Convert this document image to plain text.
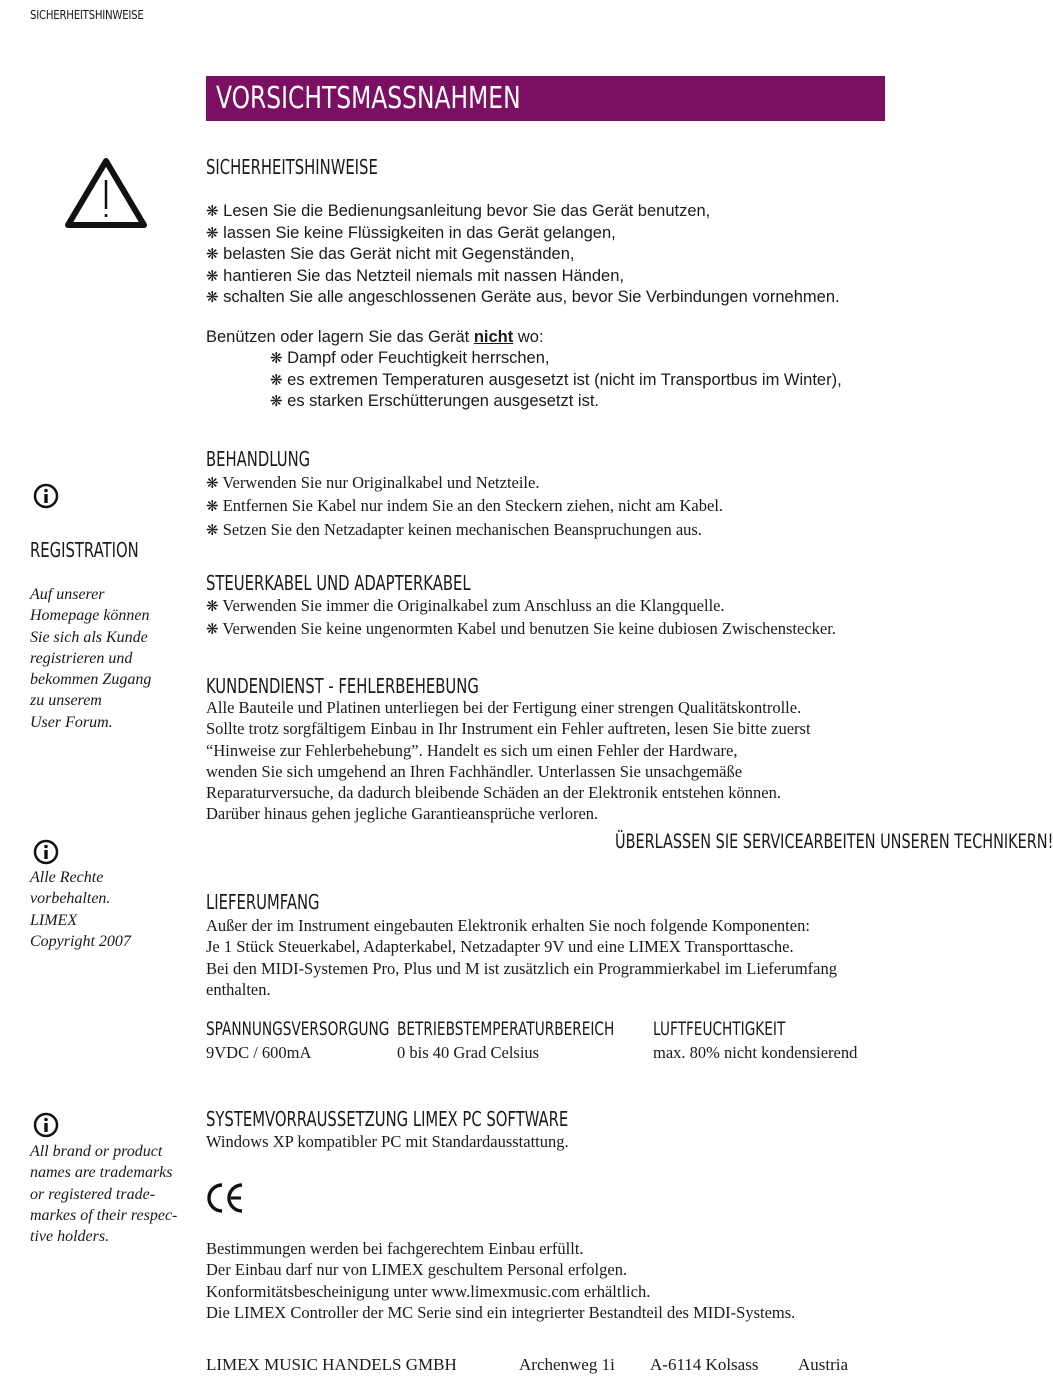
SICHERHEITSHINWEISE
VORSICHTSMASSNAHMEN
SICHERHEITSHINWEISE
❋ Lesen Sie die Bedienungsanleitung bevor Sie das Gerät benutzen,
❋ lassen Sie keine Flüssigkeiten in das Gerät gelangen,
❋ belasten Sie das Gerät nicht mit Gegenständen,
❋ hantieren Sie das Netzteil niemals mit nassen Händen,
❋ schalten Sie alle angeschlossenen Geräte aus, bevor Sie Verbindungen vornehmen.
Benützen oder lagern Sie das Gerät nicht wo:
❋ Dampf oder Feuchtigkeit herrschen,
❋ es extremen Temperaturen ausgesetzt ist (nicht im Transportbus im Winter),
❋ es starken Erschütterungen ausgesetzt ist.
REGISTRATION
Auf unserer
Homepage können
Sie sich als Kunde
registrieren und
bekommen Zugang
zu unserem
User Forum.
BEHANDLUNG
❋ Verwenden Sie nur Originalkabel und Netzteile.
❋ Entfernen Sie Kabel nur indem Sie an den Steckern ziehen, nicht am Kabel.
❋ Setzen Sie den Netzadapter keinen mechanischen Beanspruchungen aus.
STEUERKABEL UND ADAPTERKABEL
❋ Verwenden Sie immer die Originalkabel zum Anschluss an die Klangquelle.
❋ Verwenden Sie keine ungenormten Kabel und benutzen Sie keine dubiosen Zwischenstecker.
KUNDENDIENST - FEHLERBEHEBUNG
Alle Bauteile und Platinen unterliegen bei der Fertigung einer strengen Qualitätskontrolle.
Sollte trotz sorgfältigem Einbau in Ihr Instrument ein Fehler auftreten, lesen Sie bitte zuerst
“Hinweise zur Fehlerbehebung”. Handelt es sich um einen Fehler der Hardware,
wenden Sie sich umgehend an Ihren Fachhändler. Unterlassen Sie unsachgemäße
Reparaturversuche, da dadurch bleibende Schäden an der Elektronik entstehen können.
Darüber hinaus gehen jegliche Garantieansprüche verloren.
ÜBERLASSEN SIE SERVICEARBEITEN UNSEREN TECHNIKERN!
Alle Rechte
vorbehalten.
LIMEX
Copyright 2007
LIEFERUMFANG
Außer der im Instrument eingebauten Elektronik erhalten Sie noch folgende Komponenten:
Je 1 Stück Steuerkabel, Adapterkabel, Netzadapter 9V und eine LIMEX Transporttasche.
Bei den MIDI-Systemen Pro, Plus und M ist zusätzlich ein Programmierkabel im Lieferumfang
enthalten.
SPANNUNGSVERSORGUNG
9VDC / 600mA
BETRIEBSTEMPERATURBEREICH
0 bis 40 Grad Celsius
LUFTFEUCHTIGKEIT
max. 80% nicht kondensierend
All brand or product
names are trademarks
or registered trade-
markes of their respec-
tive holders.
SYSTEMVORRAUSSETZUNG LIMEX PC SOFTWARE
Windows XP kompatibler PC mit Standardausstattung.
Bestimmungen werden bei fachgerechtem Einbau erfüllt.
Der Einbau darf nur von LIMEX geschultem Personal erfolgen.
Konformitätsbescheinigung unter www.limexmusic.com erhältlich.
Die LIMEX Controller der MC Serie sind ein integrierter Bestandteil des MIDI-Systems.
LIMEX MUSIC HANDELS GMBH	Archenweg 1i A-6114 Kolsass Austria
